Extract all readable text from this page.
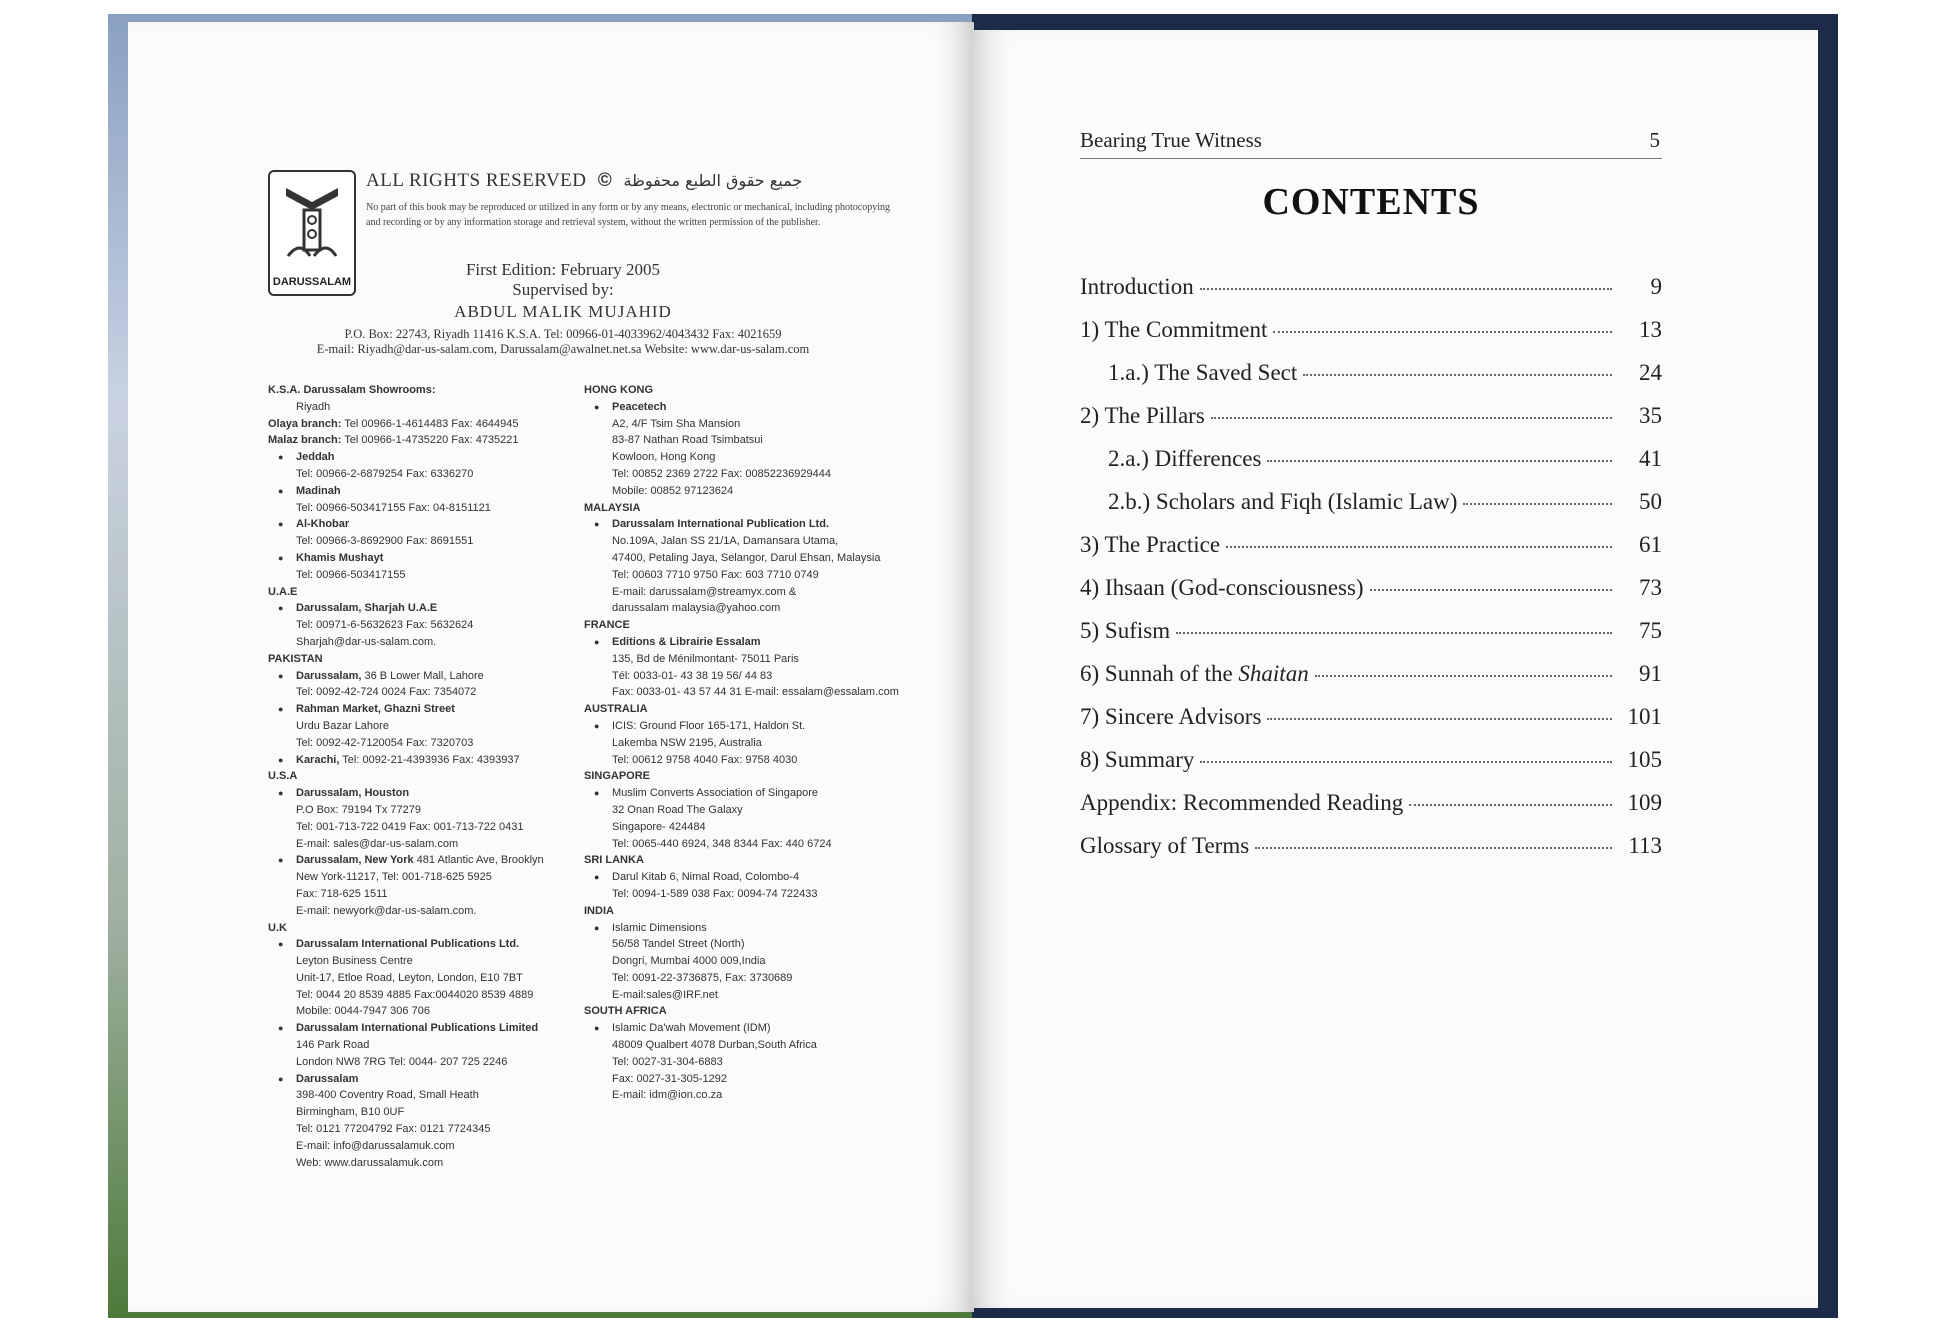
DARUSSALAM
ALL RIGHTS RESERVED © جميع حقوق الطبع محفوظة
No part of this book may be reproduced or utilized in any form or by any means, electronic or mechanical, including photocopying and recording or by any information storage and retrieval system, without the written permission of the publisher.
First Edition: February 2005
Supervised by:
ABDUL MALIK MUJAHID
P.O. Box: 22743, Riyadh 11416 K.S.A. Tel: 00966-01-4033962/4043432 Fax: 4021659
E-mail: Riyadh@dar-us-salam.com, Darussalam@awalnet.net.sa Website: www.dar-us-salam.com
K.S.A. Darussalam Showrooms:
Riyadh
Olaya branch: Tel 00966-1-4614483 Fax: 4644945
Malaz branch: Tel 00966-1-4735220 Fax: 4735221
● Jeddah
Tel: 00966-2-6879254 Fax: 6336270
● Madinah
Tel: 00966-503417155 Fax: 04-8151121
● Al-Khobar
Tel: 00966-3-8692900 Fax: 8691551
● Khamis Mushayt
Tel: 00966-503417155
U.A.E
● Darussalam, Sharjah U.A.E
Tel: 00971-6-5632623 Fax: 5632624
Sharjah@dar-us-salam.com.
PAKISTAN
● Darussalam, 36 B Lower Mall, Lahore
Tel: 0092-42-724 0024 Fax: 7354072
● Rahman Market, Ghazni Street
Urdu Bazar Lahore
Tel: 0092-42-7120054 Fax: 7320703
● Karachi, Tel: 0092-21-4393936 Fax: 4393937
U.S.A
● Darussalam, Houston
P.O Box: 79194 Tx 77279
Tel: 001-713-722 0419 Fax: 001-713-722 0431
E-mail: sales@dar-us-salam.com
● Darussalam, New York 481 Atlantic Ave, Brooklyn
New York-11217, Tel: 001-718-625 5925
Fax: 718-625 1511
E-mail: newyork@dar-us-salam.com.
U.K
● Darussalam International Publications Ltd.
Leyton Business Centre
Unit-17, Etloe Road, Leyton, London, E10 7BT
Tel: 0044 20 8539 4885 Fax:0044020 8539 4889
Mobile: 0044-7947 306 706
● Darussalam International Publications Limited
146 Park Road
London NW8 7RG Tel: 0044- 207 725 2246
● Darussalam
398-400 Coventry Road, Small Heath
Birmingham, B10 0UF
Tel: 0121 77204792 Fax: 0121 7724345
E-mail: info@darussalamuk.com
Web: www.darussalamuk.com
HONG KONG
● Peacetech
A2, 4/F Tsim Sha Mansion
83-87 Nathan Road Tsimbatsui
Kowloon, Hong Kong
Tel: 00852 2369 2722 Fax: 00852236929444
Mobile: 00852 97123624
MALAYSIA
● Darussalam International Publication Ltd.
No.109A, Jalan SS 21/1A, Damansara Utama,
47400, Petaling Jaya, Selangor, Darul Ehsan, Malaysia
Tel: 00603 7710 9750 Fax: 603 7710 0749
E-mail: darussalam@streamyx.com &
darussalam malaysia@yahoo.com
FRANCE
● Editions & Librairie Essalam
135, Bd de Ménilmontant- 75011 Paris
Tél: 0033-01- 43 38 19 56/ 44 83
Fax: 0033-01- 43 57 44 31 E-mail: essalam@essalam.com
AUSTRALIA
● ICIS: Ground Floor 165-171, Haldon St.
Lakemba NSW 2195, Australia
Tel: 00612 9758 4040 Fax: 9758 4030
SINGAPORE
● Muslim Converts Association of Singapore
32 Onan Road The Galaxy
Singapore- 424484
Tel: 0065-440 6924, 348 8344 Fax: 440 6724
SRI LANKA
● Darul Kitab 6, Nimal Road, Colombo-4
Tel: 0094-1-589 038 Fax: 0094-74 722433
INDIA
● Islamic Dimensions
56/58 Tandel Street (North)
Dongri, Mumbai 4000 009,India
Tel: 0091-22-3736875, Fax: 3730689
E-mail:sales@IRF.net
SOUTH AFRICA
● Islamic Da'wah Movement (IDM)
48009 Qualbert 4078 Durban,South Africa
Tel: 0027-31-304-6883
Fax: 0027-31-305-1292
E-mail: idm@ion.co.za
Bearing True Witness	5
CONTENTS
Introduction	9
1) The Commitment	13
1.a.) The Saved Sect	24
2) The Pillars	35
2.a.) Differences	41
2.b.) Scholars and Fiqh (Islamic Law)	50
3) The Practice	61
4) Ihsaan (God-consciousness)	73
5) Sufism	75
6) Sunnah of the Shaitan	91
7) Sincere Advisors	101
8) Summary	105
Appendix: Recommended Reading	109
Glossary of Terms	113
